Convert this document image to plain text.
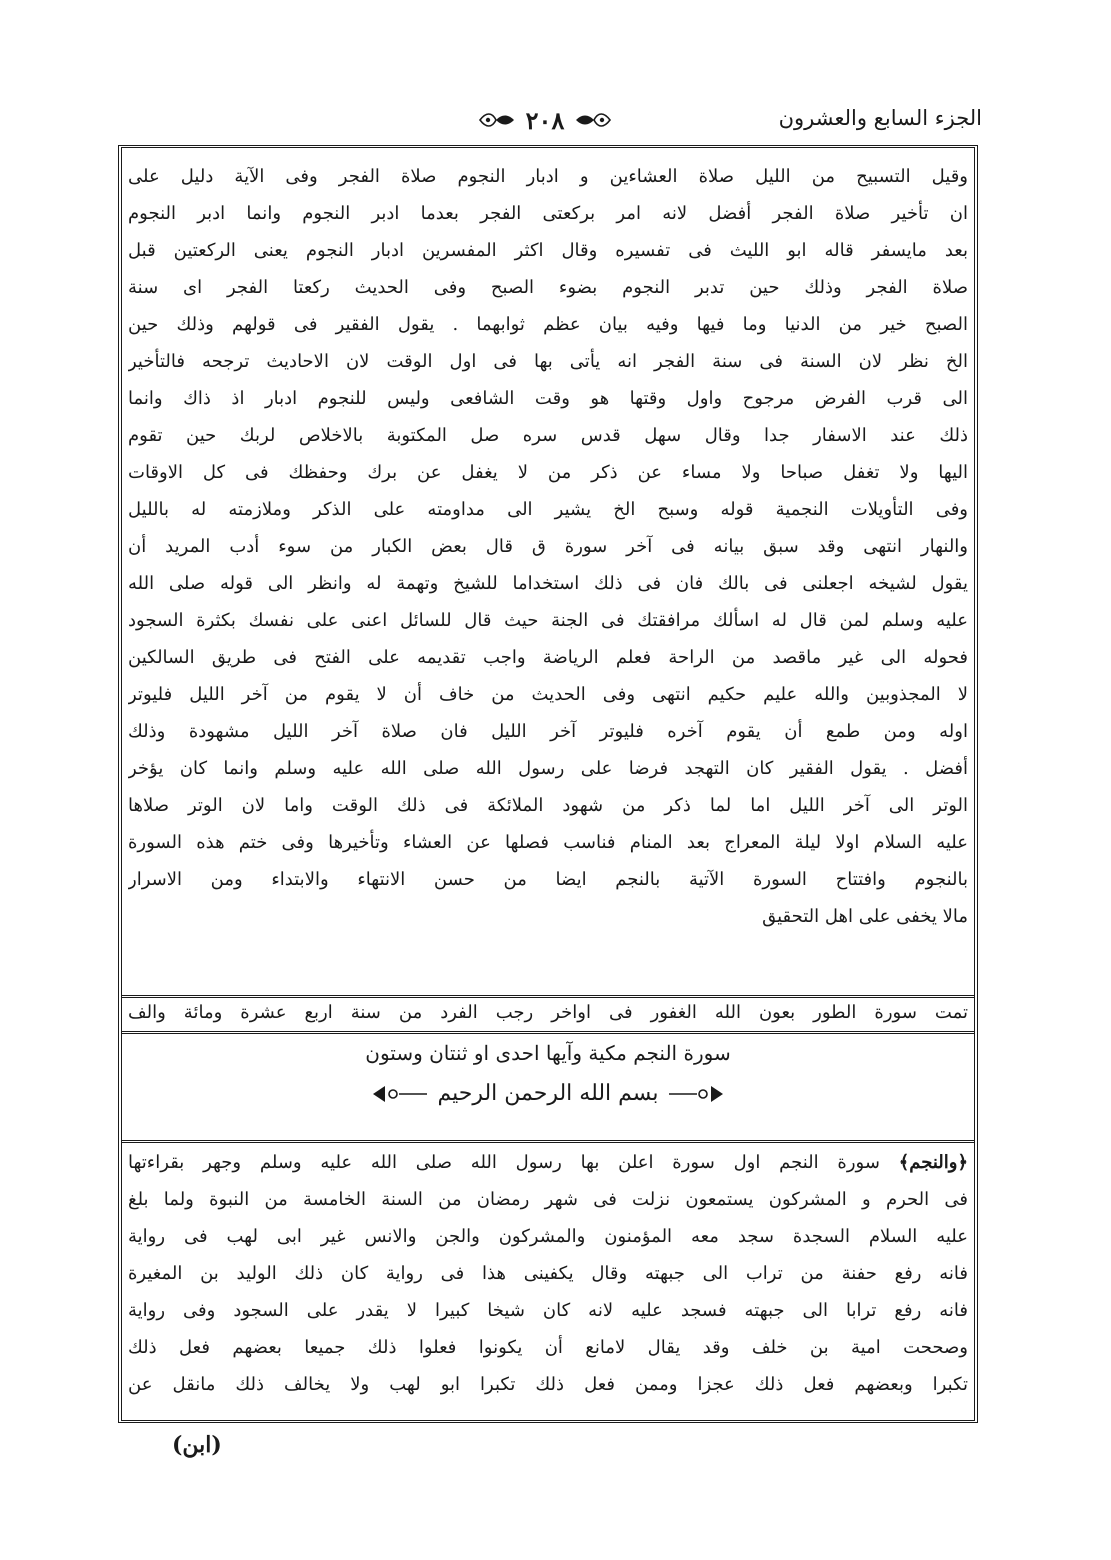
٢٠٨	الجزء السابع والعشرون
وقيل التسبيح من الليل صلاة العشاءين و ادبار النجوم صلاة الفجر وفى الآية دليل على
ان تأخير صلاة الفجر أفضل لانه امر بركعتى الفجر بعدما ادبر النجوم وانما ادبر النجوم
بعد مايسفر قاله ابو الليث فى تفسيره وقال اكثر المفسرين ادبار النجوم يعنى الركعتين قبل
صلاة الفجر وذلك حين تدبر النجوم بضوء الصبح وفى الحديث ركعتا الفجر اى سنة
الصبح خير من الدنيا وما فيها وفيه بيان عظم ثوابهما . يقول الفقير فى قولهم وذلك حين
الخ نظر لان السنة فى سنة الفجر انه يأتى بها فى اول الوقت لان الاحاديث ترجحه فالتأخير
الى قرب الفرض مرجوح واول وقتها هو وقت الشافعى وليس للنجوم ادبار اذ ذاك وانما
ذلك عند الاسفار جدا وقال سهل قدس سره صل المكتوبة بالاخلاص لربك حين تقوم
اليها ولا تغفل صباحا ولا مساء عن ذكر من لا يغفل عن برك وحفظك فى كل الاوقات
وفى التأويلات النجمية قوله وسبح الخ يشير الى مداومته على الذكر وملازمته له بالليل
والنهار انتهى وقد سبق بيانه فى آخر سورة ق قال بعض الكبار من سوء أدب المريد أن
يقول لشيخه اجعلنى فى بالك فان فى ذلك استخداما للشيخ وتهمة له وانظر الى قوله صلى الله
عليه وسلم لمن قال له اسألك مرافقتك فى الجنة حيث قال للسائل اعنى على نفسك بكثرة السجود
فحوله الى غير ماقصد من الراحة فعلم الرياضة واجب تقديمه على الفتح فى طريق السالكين
لا المجذوبين والله عليم حكيم انتهى وفى الحديث من خاف أن لا يقوم من آخر الليل فليوتر
اوله ومن طمع أن يقوم آخره فليوتر آخر الليل فان صلاة آخر الليل مشهودة وذلك
أفضل . يقول الفقير كان التهجد فرضا على رسول الله صلى الله عليه وسلم وانما كان يؤخر
الوتر الى آخر الليل اما لما ذكر من شهود الملائكة فى ذلك الوقت واما لان الوتر صلاها
عليه السلام اولا ليلة المعراج بعد المنام فناسب فصلها عن العشاء وتأخيرها وفى ختم هذه السورة
بالنجوم وافتتاح السورة الآتية بالنجم ايضا من حسن الانتهاء والابتداء ومن الاسرار
مالا يخفى على اهل التحقيق
تمت سورة الطور بعون الله الغفور فى اواخر رجب الفرد من سنة اربع عشرة ومائة والف
سورة النجم مكية وآيها احدى او ثنتان وستون
بسم الله الرحمن الرحيم
﴿والنجم﴾ سورة النجم اول سورة اعلن بها رسول الله صلى الله عليه وسلم وجهر بقراءتها
فى الحرم و المشركون يستمعون نزلت فى شهر رمضان من السنة الخامسة من النبوة ولما بلغ
عليه السلام السجدة سجد معه المؤمنون والمشركون والجن والانس غير ابى لهب فى رواية
فانه رفع حفنة من تراب الى جبهته وقال يكفينى هذا فى رواية كان ذلك الوليد بن المغيرة
فانه رفع ترابا الى جبهته فسجد عليه لانه كان شيخا كبيرا لا يقدر على السجود وفى رواية
وصححت امية بن خلف وقد يقال لامانع أن يكونوا فعلوا ذلك جميعا بعضهم فعل ذلك
تكبرا وبعضهم فعل ذلك عجزا وممن فعل ذلك تكبرا ابو لهب ولا يخالف ذلك مانقل عن
(ابن)
